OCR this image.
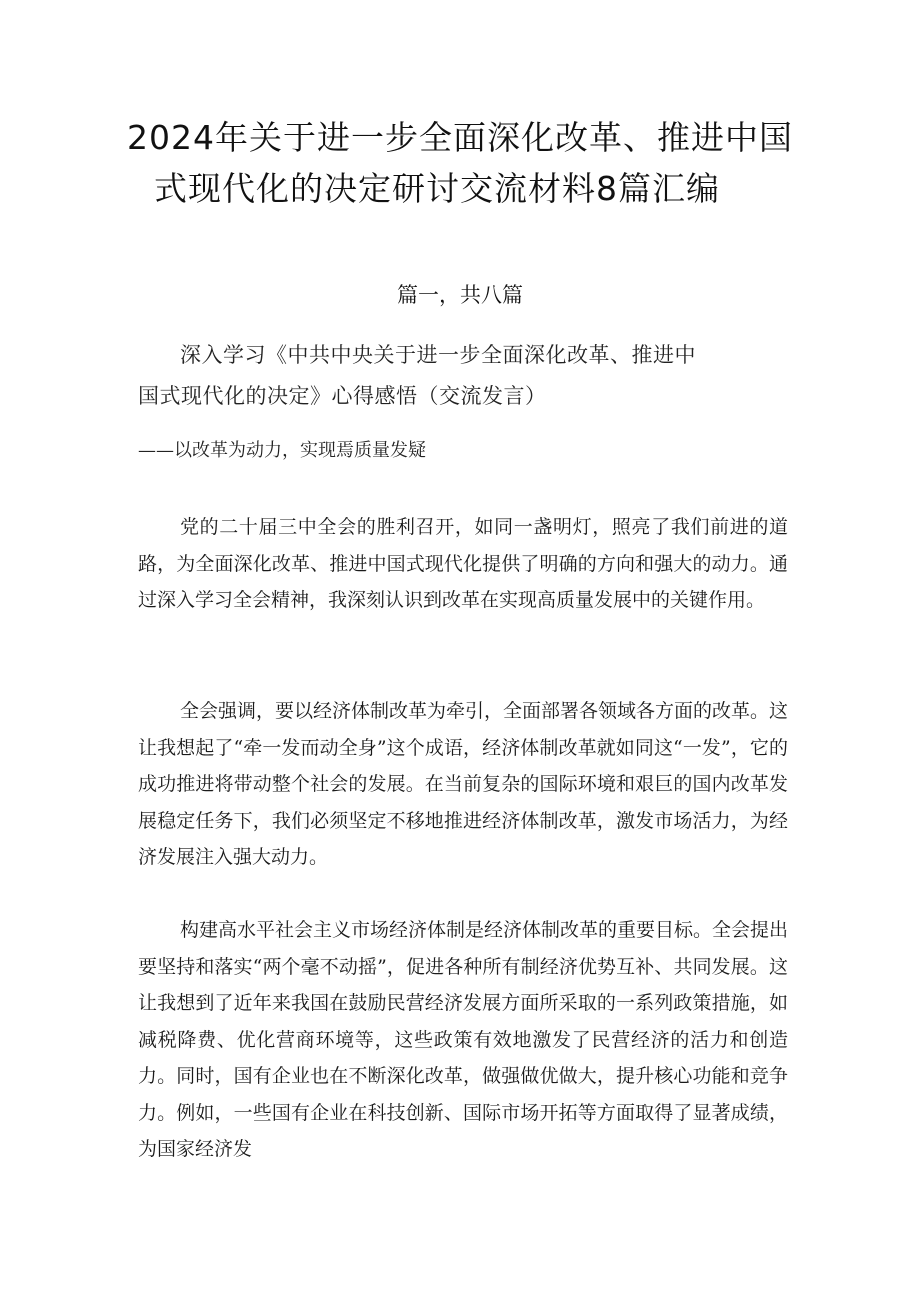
2024年关于进一步全面深化改革、推进中国
式现代化的决定研讨交流材料8篇汇编
篇一，共八篇
深入学习《中共中央关于进一步全面深化改革、推进中
国式现代化的决定》心得感悟（交流发言）
——以改革为动力，实现焉质量发疑

党的二十届三中全会的胜利召开，如同一盏明灯，照亮了我们前进的道路，为全面深化改革、推进中国式现代化提供了明确的方向和强大的动力。通过深入学习全会精神，我深刻认识到改革在实现高质量发展中的关键作用。

全会强调，要以经济体制改革为牵引，全面部署各领域各方面的改革。这让我想起了“牵一发而动全身”这个成语，经济体制改革就如同这“一发”，它的成功推进将带动整个社会的发展。在当前复杂的国际环境和艰巨的国内改革发展稳定任务下，我们必须坚定不移地推进经济体制改革，激发市场活力，为经济发展注入强大动力。

构建高水平社会主义市场经济体制是经济体制改革的重要目标。全会提出要坚持和落实“两个毫不动摇”，促进各种所有制经济优势互补、共同发展。这让我想到了近年来我国在鼓励民营经济发展方面所采取的一系列政策措施，如减税降费、优化营商环境等，这些政策有效地激发了民营经济的活力和创造力。同时，国有企业也在不断深化改革，做强做优做大，提升核心功能和竞争力。例如，一些国有企业在科技创新、国际市场开拓等方面取得了显著成绩，为国家经济发
